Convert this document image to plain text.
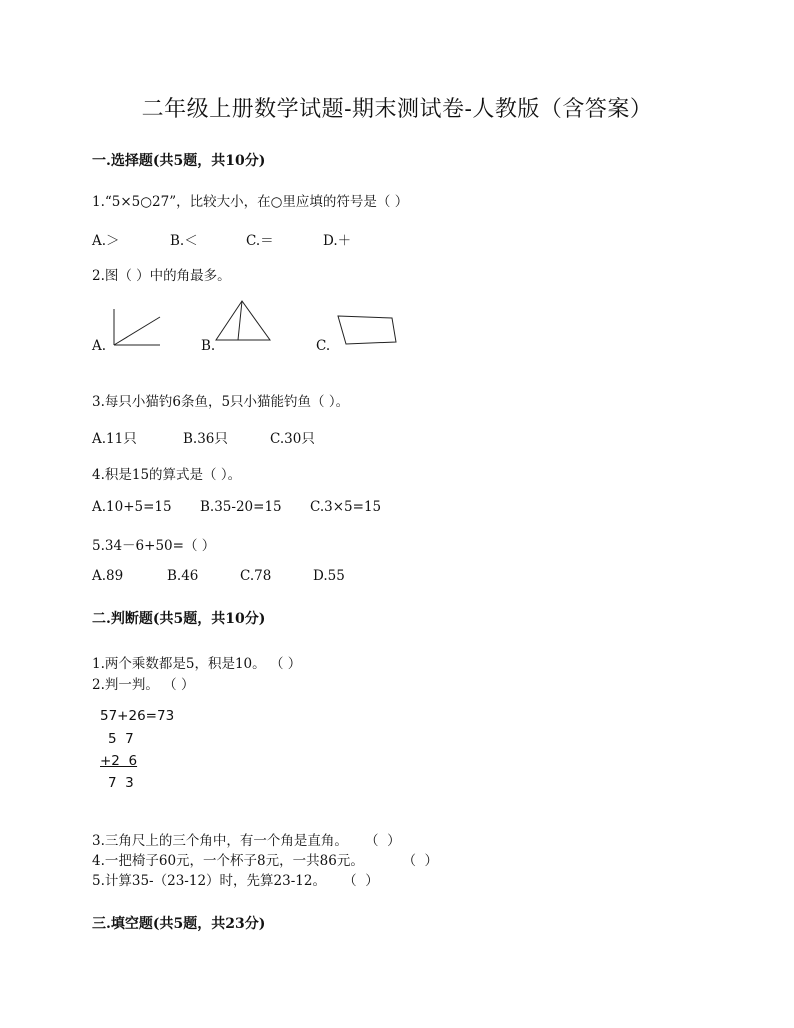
二年级上册数学试题-期末测试卷-人教版（含答案）
一.选择题(共5题，共10分)
1.“5×5○27”，比较大小，在○里应填的符号是（ ）
A.＞	B.＜	C.＝	D.＋
2.图（ ）中的角最多。
A.	B.	C.
3.每只小猫钓6条鱼，5只小猫能钓鱼（ ）。
A.11只	B.36只	C.30只
4.积是15的算式是（ ）。
A.10+5=15 B.35-20=15 C.3×5=15
5.34－6+50=（ ）
A.89	B.46	C.78	D.55
二.判断题(共5题，共10分)
1.两个乘数都是5，积是10。 （ ）
2.判一判。 （ ）
57+26=73
5  7
+2  6
7  3
3.三角尺上的三个角中，有一个角是直角。    （  ）
4.一把椅子60元，一个杯子8元，一共86元。         （  ）
5.计算35-（23-12）时，先算23-12。    （  ）
三.填空题(共5题，共23分)
